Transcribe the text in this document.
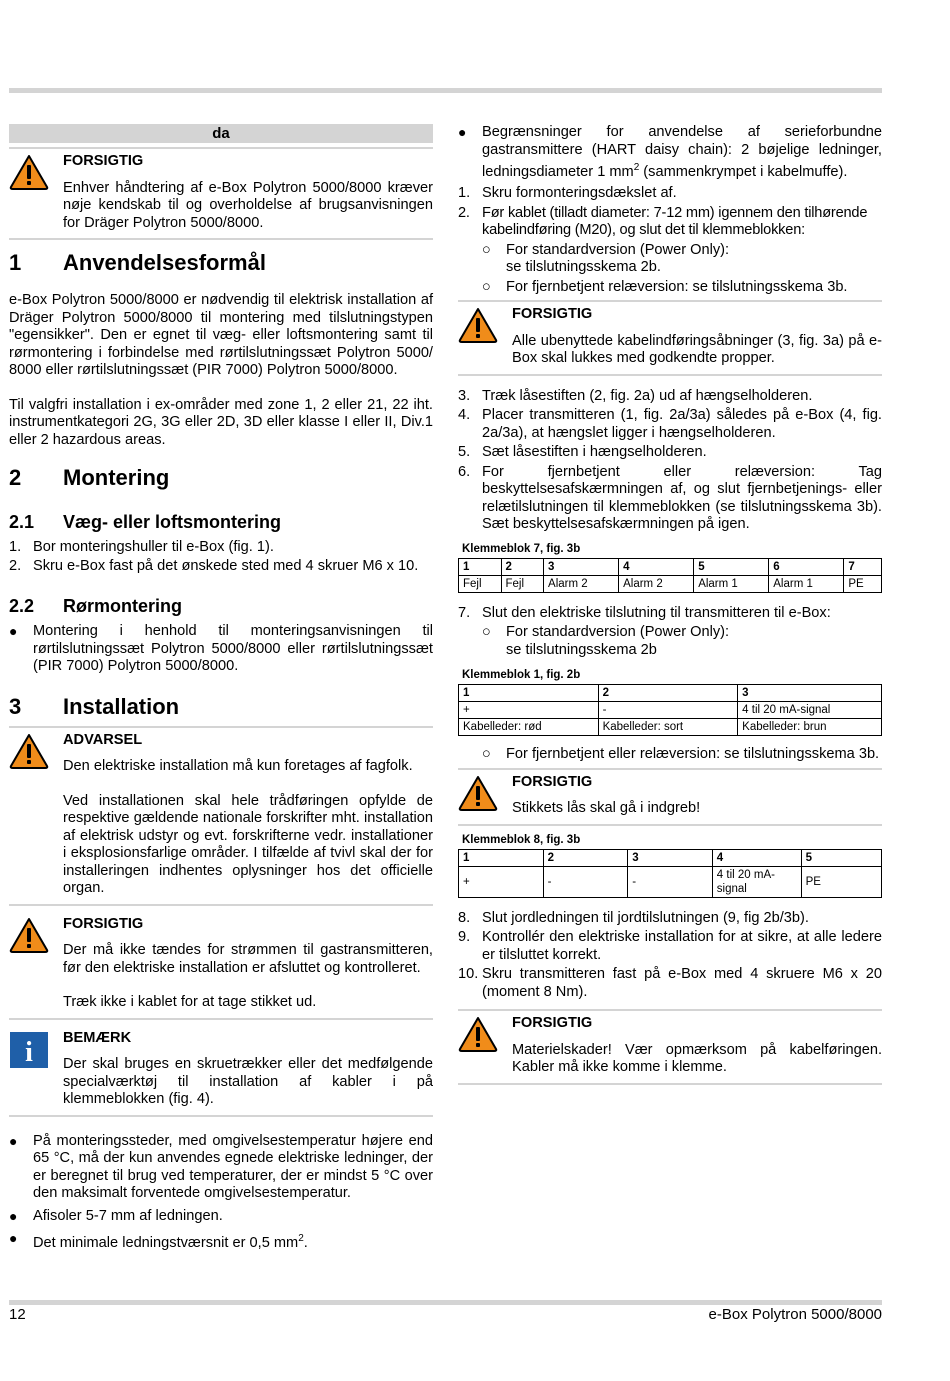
da
FORSIGTIG

Enhver håndtering af e-Box Polytron 5000/8000 kræver nøje kendskab til og overholdelse af brugsanvisningen for Dräger Polytron 5000/8000.

1	Anvendelsesformål

e-Box Polytron 5000/8000 er nødvendig til elektrisk installation af Dräger Polytron 5000/8000 til montering med tilslutningstypen "egensikker". Den er egnet til væg- eller loftsmontering samt til rørmontering i forbindelse med rørtilslutningssæt Polytron 5000/ 8000 eller rørtilslutningssæt (PIR 7000) Polytron 5000/8000.

Til valgfri installation i ex-områder med zone 1, 2 eller 21, 22 iht. instrumentkategori 2G, 3G eller 2D, 3D eller klasse I eller II, Div.1 eller 2 hazardous areas.

2	Montering
2.1	Væg- eller loftsmontering
1. Bor monteringshuller til e-Box (fig. 1).
2. Skru e-Box fast på det ønskede sted med 4 skruer M6 x 10.
2.2	Rørmontering
● Montering i henhold til monteringsanvisningen til rørtilslutningssæt Polytron 5000/8000 eller rørtilslutningssæt (PIR 7000) Polytron 5000/8000.
3	Installation
ADVARSEL

Den elektriske installation må kun foretages af fagfolk.

Ved installationen skal hele trådføringen opfylde de respektive gældende nationale forskrifter mht. installation af elektrisk udstyr og evt. forskrifterne vedr. installationer i eksplosionsfarlige områder. I tilfælde af tvivl skal der for installeringen indhentes oplysninger hos det officielle organ.

FORSIGTIG

Der må ikke tændes for strømmen til gastransmitteren, før den elektriske installation er afsluttet og kontrolleret.

Træk ikke i kablet for at tage stikket ud.

BEMÆRK

Der skal bruges en skruetrækker eller det medfølgende specialværktøj til installation af kabler i på klemmeblokken (fig. 4).

● På monteringssteder, med omgivelsestemperatur højere end 65 °C, må der kun anvendes egnede elektriske ledninger, der er beregnet til brug ved temperaturer, der er mindst 5 °C over den maksimalt forventede omgivelsestemperatur.
● Afisoler 5-7 mm af ledningen.
● Det minimale ledningstværsnit er 0,5 $mm^2$.
● Begrænsninger for anvendelse af serieforbundne gastransmittere (HART daisy chain): 2 bøjelige ledninger, ledningsdiameter 1 $mm^2$ (sammenkrympet i kabelmuffe).
1. Skru formonteringsdækslet af.
2. Før kablet (tilladt diameter: 7-12 mm) igennem den tilhørende kabelindføring (M20), og slut det til klemmeblokken:
○ For standardversion (Power Only):
se tilslutningsskema 2b.
○ For fjernbetjent relæversion: se tilslutningsskema 3b.
FORSIGTIG

Alle ubenyttede kabelindføringsåbninger (3, fig. 3a) på e-Box skal lukkes med godkendte propper.

3. Træk låsestiften (2, fig. 2a) ud af hængselholderen.
4. Placer transmitteren (1, fig. 2a/3a) således på e-Box (4, fig. 2a/3a), at hængslet ligger i hængselholderen.
5. Sæt låsestiften i hængselholderen.
6. For fjernbetjent eller relæversion: Tag beskyttelsesafskærmningen af, og slut fjernbetjenings- eller relætilslutningen til klemmeblokken (se tilslutningsskema 3b). Sæt beskyttelsesafskærmningen på igen.
Klemmeblok 7, fig. 3b
1	2	3	4	5	6	7
Fejl	Fejl	Alarm 2	Alarm 2	Alarm 1	Alarm 1	PE
7. Slut den elektriske tilslutning til transmitteren til e-Box:
○ For standardversion (Power Only):
se tilslutningsskema 2b
Klemmeblok 1, fig. 2b
1	2	3
+	-	4 til 20 mA-signal
Kabelleder: rød	Kabelleder: sort	Kabelleder: brun
○ For fjernbetjent eller relæversion: se tilslutningsskema 3b.
FORSIGTIG

Stikkets lås skal gå i indgreb!

Klemmeblok 8, fig. 3b
1	2	3	4	5
+	-	-	4 til 20 mA-signal	PE
8. Slut jordledningen til jordtilslutningen (9, fig 2b/3b).
9. Kontrollér den elektriske installation for at sikre, at alle ledere er tilsluttet korrekt.
10. Skru transmitteren fast på e-Box med 4 skruere M6 x 20 (moment 8 Nm).
FORSIGTIG

Materielskader! Vær opmærksom på kabelføringen. Kabler må ikke komme i klemme.

12	e-Box Polytron 5000/8000
